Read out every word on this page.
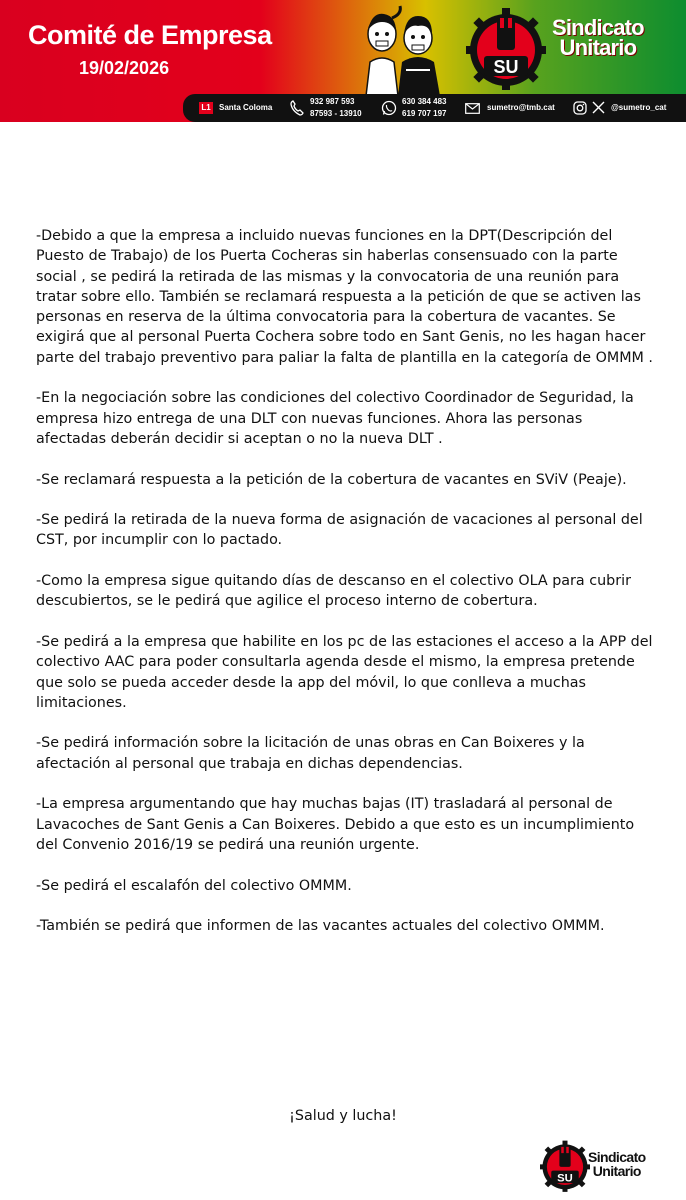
Comité de Empresa
19/02/2026	SU
Sindicato
Unitario
L1 Santa Coloma
932 987 593
87593 - 13910
630 384 483
619 707 197
sumetro@tmb.cat	@sumetro_cat

-Debido a que la empresa a incluido nuevas funciones en la DPT(Descripción del Puesto de Trabajo) de los Puerta Cocheras sin haberlas consensuado con la parte social , se pedirá la retirada de las mismas y la convocatoria de una reunión para tratar sobre ello. También se reclamará respuesta a la petición de que se activen las personas en reserva de la última convocatoria para la cobertura de vacantes. Se exigirá que al personal Puerta Cochera sobre todo en Sant Genis, no les hagan hacer parte del trabajo preventivo para paliar la falta de plantilla en la categoría de OMMM .

-En la negociación sobre las condiciones del colectivo Coordinador de Seguridad, la empresa hizo entrega de una DLT con nuevas funciones. Ahora las personas afectadas deberán decidir si aceptan o no la nueva DLT .

-Se reclamará respuesta a la petición de la cobertura de vacantes en SViV (Peaje).

-Se pedirá la retirada de la nueva forma de asignación de vacaciones al personal del CST, por incumplir con lo pactado.

-Como la empresa sigue quitando días de descanso en el colectivo OLA para cubrir descubiertos, se le pedirá que agilice el proceso interno de cobertura.

-Se pedirá a la empresa que habilite en los pc de las estaciones el acceso a la APP del colectivo AAC para poder consultarla agenda desde el mismo, la empresa pretende que solo se pueda acceder desde la app del móvil, lo que conlleva a muchas limitaciones.

-Se pedirá información sobre la licitación de unas obras en Can Boixeres y la afectación al personal que trabaja en dichas dependencias.

-La empresa argumentando que hay muchas bajas (IT) trasladará al personal de Lavacoches de Sant Genis a Can Boixeres. Debido a que esto es un incumplimiento del Convenio 2016/19 se pedirá una reunión urgente.

-Se pedirá el escalafón del colectivo OMMM.

-También se pedirá que informen de las vacantes actuales del colectivo OMMM.

¡Salud y lucha!
SU
Sindicato
Unitario
